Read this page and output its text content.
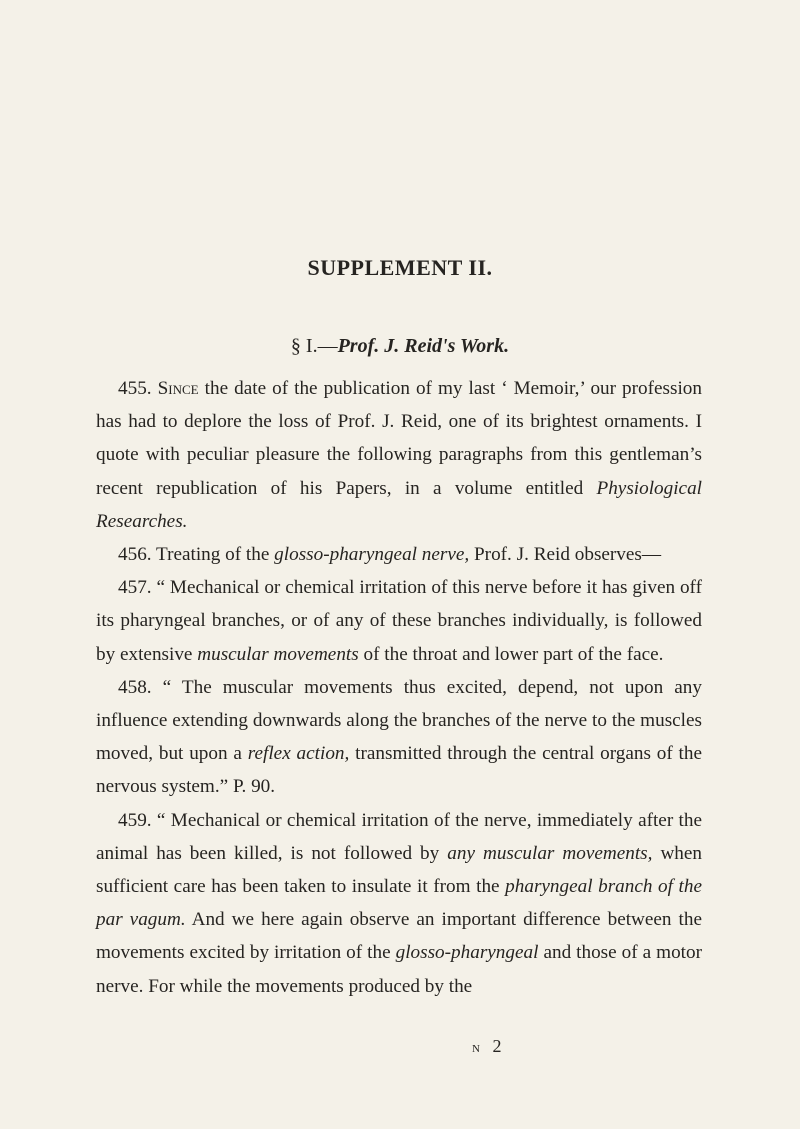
SUPPLEMENT II.
§ I.—Prof. J. Reid's Work.

455. Since the date of the publication of my last ‘ Memoir,’ our profession has had to deplore the loss of Prof. J. Reid, one of its brightest ornaments. I quote with peculiar pleasure the following paragraphs from this gentleman’s recent republication of his Papers, in a volume entitled Physiological Researches.

456. Treating of the glosso-pharyngeal nerve, Prof. J. Reid observes—

457. “ Mechanical or chemical irritation of this nerve before it has given off its pharyngeal branches, or of any of these branches individually, is followed by extensive muscular movements of the throat and lower part of the face.

458. “ The muscular movements thus excited, depend, not upon any influence extending downwards along the branches of the nerve to the muscles moved, but upon a reflex action, transmitted through the central organs of the nervous system.” P. 90.

459. “ Mechanical or chemical irritation of the nerve, immediately after the animal has been killed, is not followed by any muscular movements, when sufficient care has been taken to insulate it from the pharyngeal branch of the par vagum. And we here again observe an important difference between the movements excited by irritation of the glosso-pharyngeal and those of a motor nerve. For while the movements produced by the

n 2
